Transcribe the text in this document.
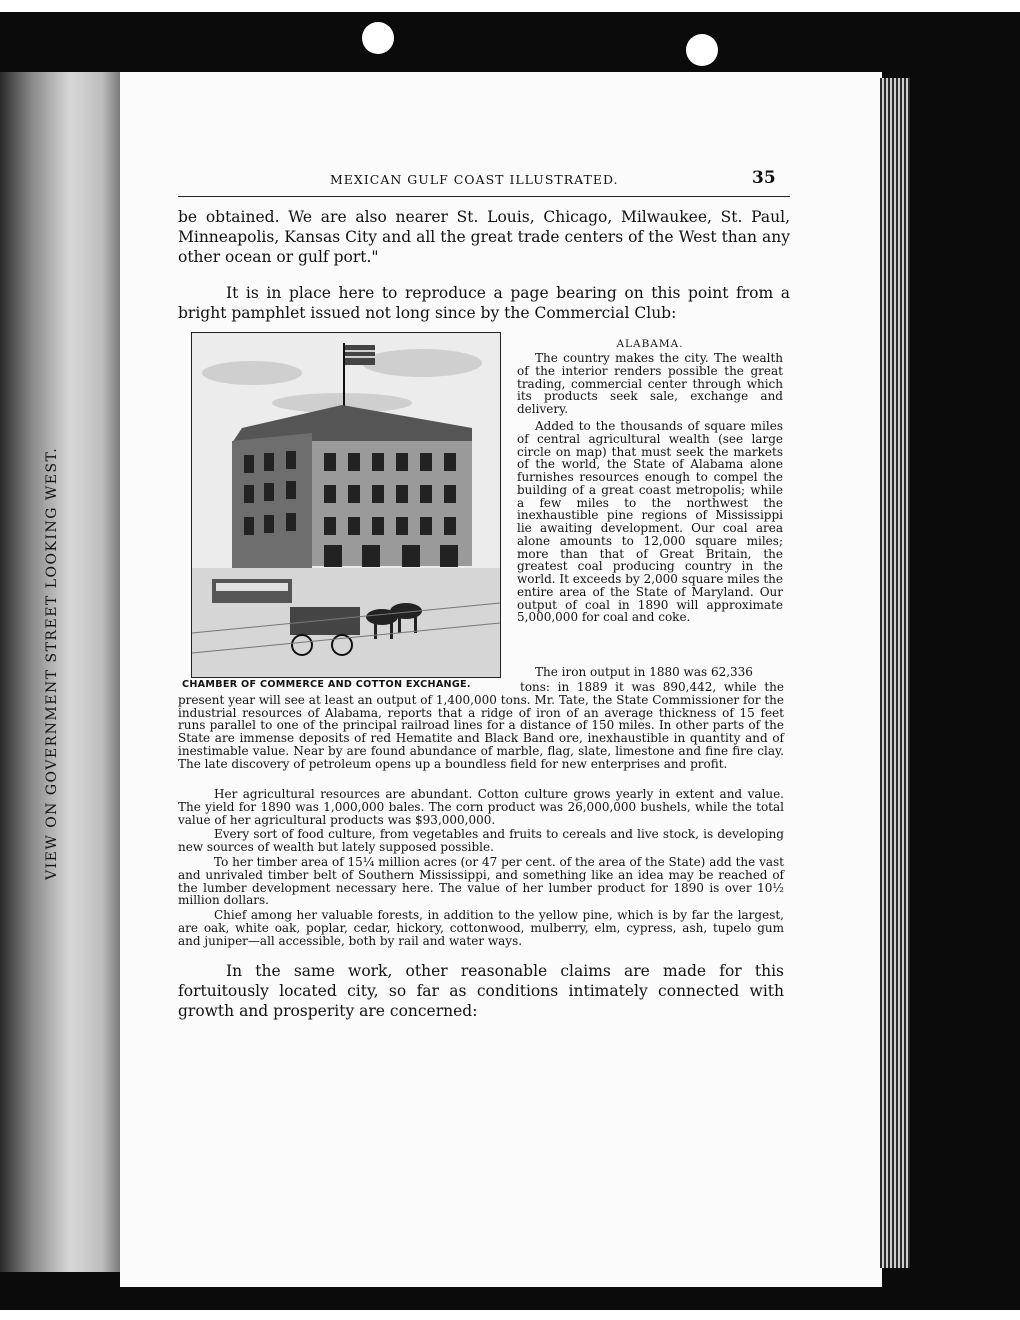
VIEW ON GOVERNMENT STREET LOOKING WEST.
MEXICAN GULF COAST ILLUSTRATED.	35

be obtained. We are also nearer St. Louis, Chicago, Milwaukee, St. Paul, Minneapolis, Kansas City and all the great trade centers of the West than any other ocean or gulf port."

It is in place here to reproduce a page bearing on this point from a bright pamphlet issued not long since by the Commercial Club:

CHAMBER OF COMMERCE AND COTTON EXCHANGE.
ALABAMA.

The country makes the city. The wealth of the interior renders possible the great trading, commercial center through which its products seek sale, exchange and delivery.

Added to the thousands of square miles of central agricultural wealth (see large circle on map) that must seek the markets of the world, the State of Alabama alone furnishes resources enough to compel the building of a great coast metropolis; while a few miles to the northwest the inexhaustible pine regions of Mississippi lie awaiting development. Our coal area alone amounts to 12,000 square miles; more than that of Great Britain, the greatest coal producing country in the world. It exceeds by 2,000 square miles the entire area of the State of Maryland. Our output of coal in 1890 will approximate 5,000,000 for coal and coke.

The iron output in 1880 was 62,336

tons: in 1889 it was 890,442, while the present year will see at least an output of 1,400,000 tons. Mr. Tate, the State Commissioner for the industrial resources of Alabama, reports that a ridge of iron of an average thickness of 15 feet runs parallel to one of the principal railroad lines for a distance of 150 miles. In other parts of the State are immense deposits of red Hematite and Black Band ore, inexhaustible in quantity and of inestimable value. Near by are found abundance of marble, flag, slate, limestone and fine fire clay. The late discovery of petroleum opens up a boundless field for new enterprises and profit.

Her agricultural resources are abundant. Cotton culture grows yearly in extent and value. The yield for 1890 was 1,000,000 bales. The corn product was 26,000,000 bushels, while the total value of her agricultural products was $93,000,000.

Every sort of food culture, from vegetables and fruits to cereals and live stock, is developing new sources of wealth but lately supposed possible.

To her timber area of 15¼ million acres (or 47 per cent. of the area of the State) add the vast and unrivaled timber belt of Southern Mississippi, and something like an idea may be reached of the lumber development necessary here. The value of her lumber product for 1890 is over 10½ million dollars.

Chief among her valuable forests, in addition to the yellow pine, which is by far the largest, are oak, white oak, poplar, cedar, hickory, cottonwood, mulberry, elm, cypress, ash, tupelo gum and juniper—all accessible, both by rail and water ways.

In the same work, other reasonable claims are made for this fortuitously located city, so far as conditions intimately connected with growth and prosperity are concerned:
